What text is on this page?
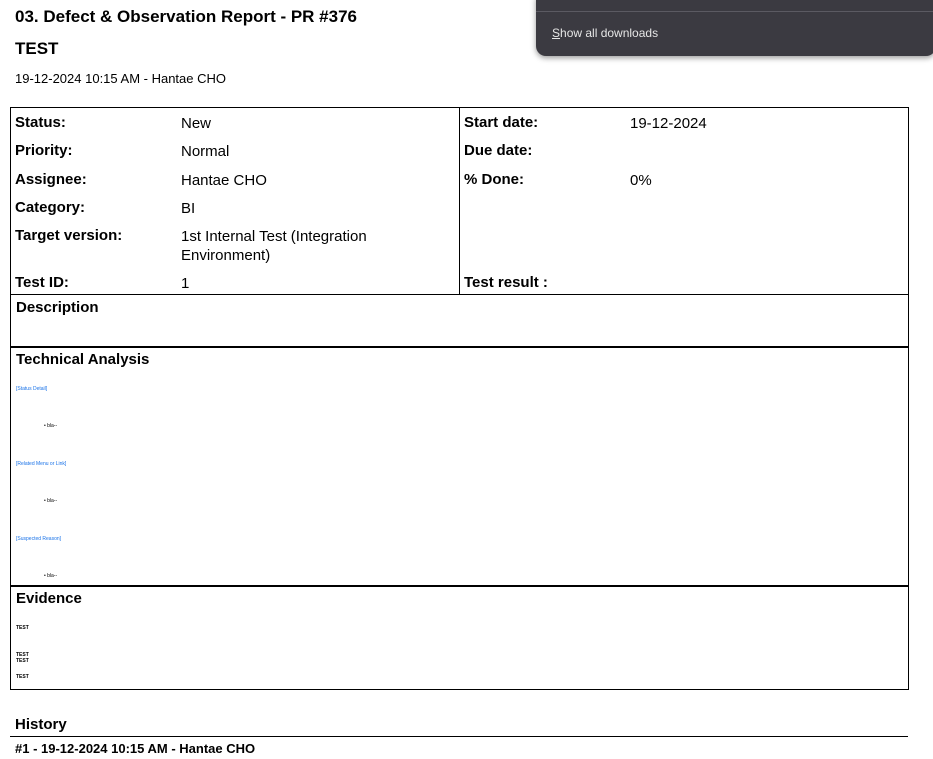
03. Defect & Observation Report - PR #376
TEST
19-12-2024 10:15 AM - Hantae CHO
Status:	New
Priority:	Normal
Assignee:	Hantae CHO
Category:	BI
Target version:	1st Internal Test (Integration Environment)
Test ID:	1
Start date:	19-12-2024
Due date:
% Done:	0%
Test result :
Description
Technical Analysis
[Status Detail]
• bla--
[Related Menu or Link]
• bla--
[Suspected Reason]
• bla--
Evidence
TEST
TEST
TEST
TEST
History
#1 - 19-12-2024 10:15 AM - Hantae CHO
Show all downloads
